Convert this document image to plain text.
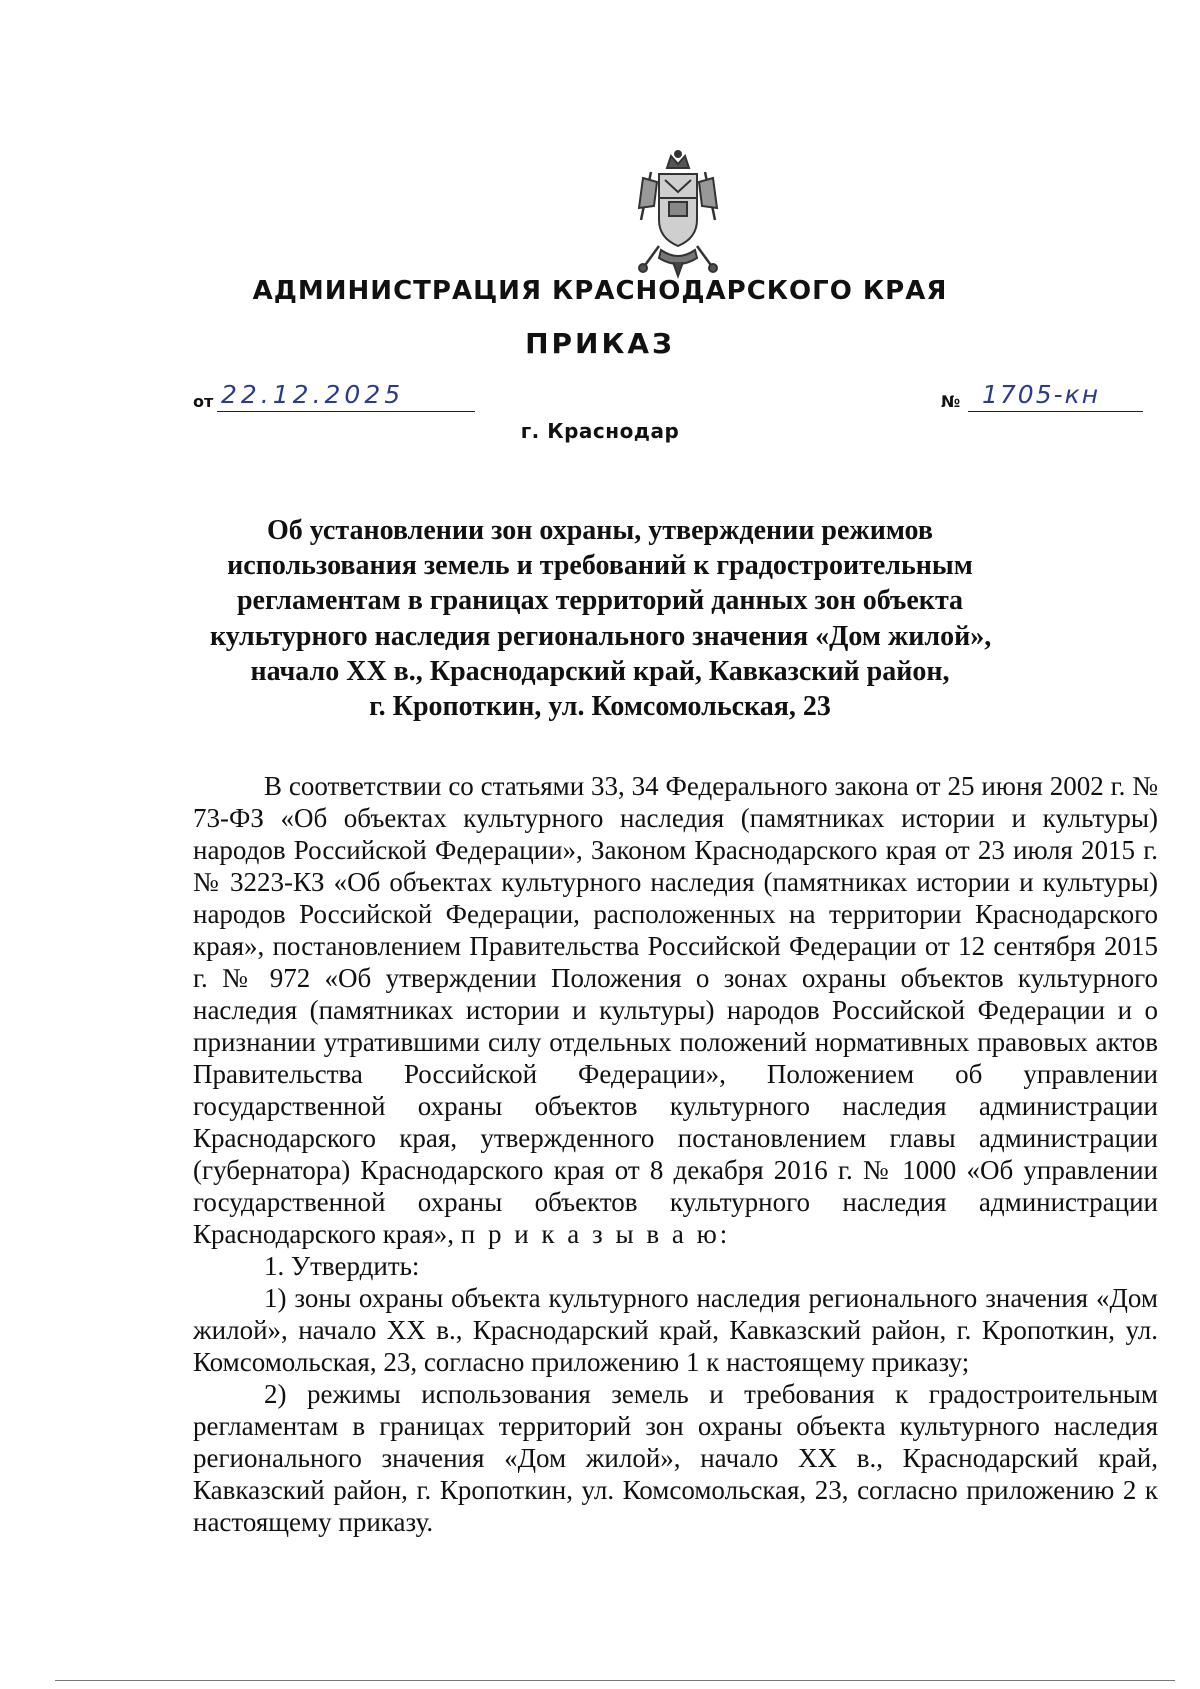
АДМИНИСТРАЦИЯ КРАСНОДАРСКОГО КРАЯ
ПРИКАЗ
от 22.12.2025	№ 1705-кн
г. Краснодар
Об установлении зон охраны, утверждении режимов
использования земель и требований к градостроительным
регламентам в границах территорий данных зон объекта
культурного наследия регионального значения «Дом жилой»,
начало XX в., Краснодарский край, Кавказский район,
г. Кропоткин, ул. Комсомольская, 23

В соответствии со статьями 33, 34 Федерального закона от 25 июня 2002 г. № 73-ФЗ «Об объектах культурного наследия (памятниках истории и культуры) народов Российской Федерации», Законом Краснодарского края от 23 июля 2015 г. № 3223-КЗ «Об объектах культурного наследия (памятниках истории и культуры) народов Российской Федерации, расположенных на территории Краснодарского края», постановлением Правительства Российской Федерации от 12 сентября 2015 г. № 972 «Об утверждении Положения о зонах охраны объектов культурного наследия (памятниках истории и культуры) народов Российской Федерации и о признании утратившими силу отдельных положений нормативных правовых актов Правительства Российской Федерации», Положением об управлении государственной охраны объектов культурного наследия администрации Краснодарского края, утвержденного постановлением главы администрации (губернатора) Краснодарского края от 8 декабря 2016 г. № 1000 «Об управлении государственной охраны объектов культурного наследия администрации Краснодарского края», п р и к а з ы в а ю:

1. Утвердить:

1) зоны охраны объекта культурного наследия регионального значения «Дом жилой», начало XX в., Краснодарский край, Кавказский район, г. Кропоткин, ул. Комсомольская, 23, согласно приложению 1 к настоящему приказу;

2) режимы использования земель и требования к градостроительным регламентам в границах территорий зон охраны объекта культурного наследия регионального значения «Дом жилой», начало XX в., Краснодарский край, Кавказский район, г. Кропоткин, ул. Комсомольская, 23, согласно приложению 2 к настоящему приказу.
